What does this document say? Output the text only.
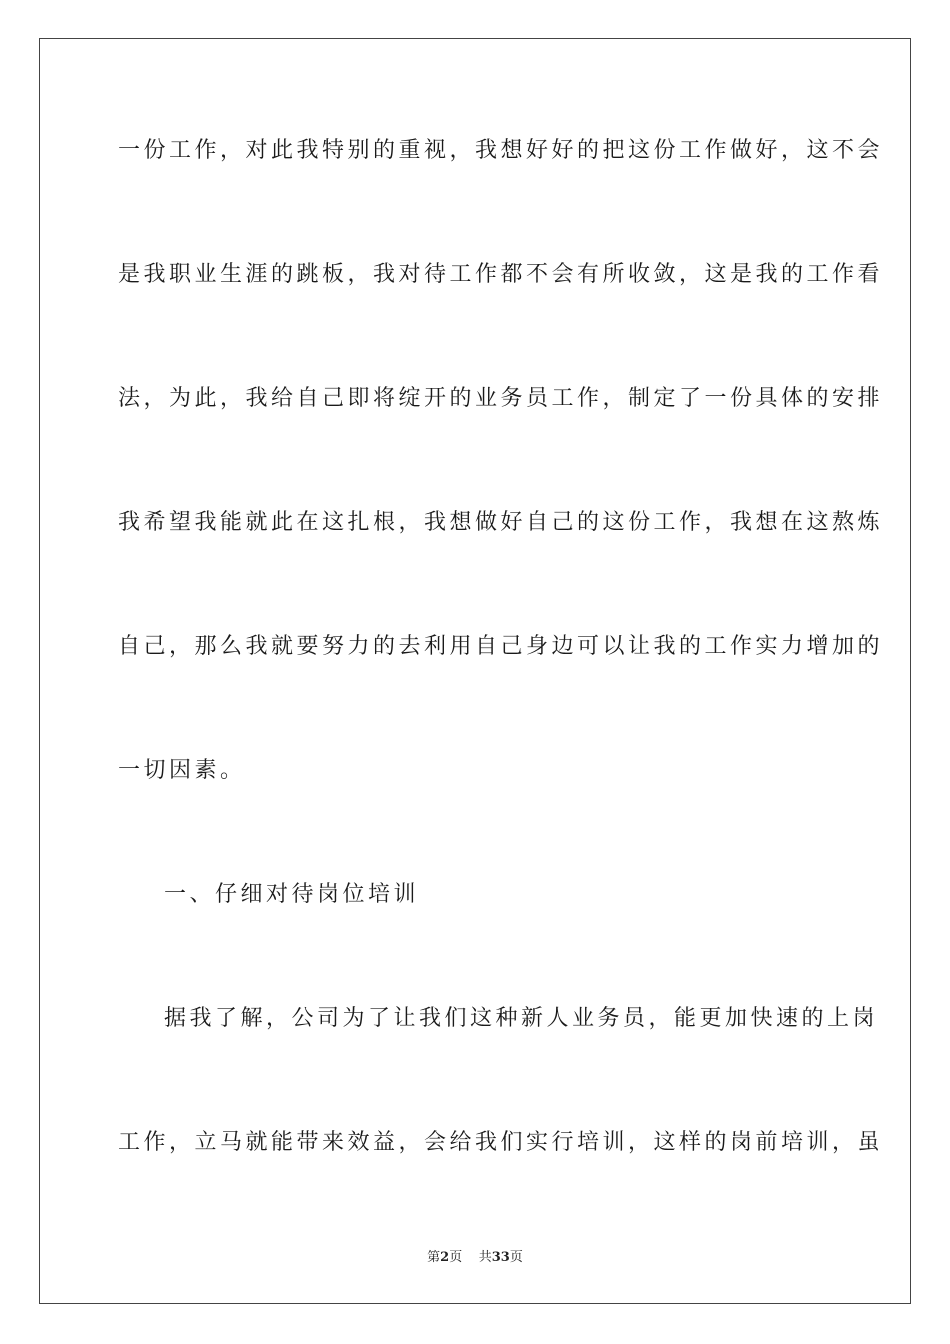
一份工作，对此我特别的重视，我想好好的把这份工作做好，这不会
是我职业生涯的跳板，我对待工作都不会有所收敛，这是我的工作看
法，为此，我给自己即将绽开的业务员工作，制定了一份具体的安排
我希望我能就此在这扎根，我想做好自己的这份工作，我想在这熬炼
自己，那么我就要努力的去利用自己身边可以让我的工作实力增加的
一切因素。
一、仔细对待岗位培训
据我了解，公司为了让我们这种新人业务员，能更加快速的上岗
工作，立马就能带来效益，会给我们实行培训，这样的岗前培训，虽
第2页 共33页
